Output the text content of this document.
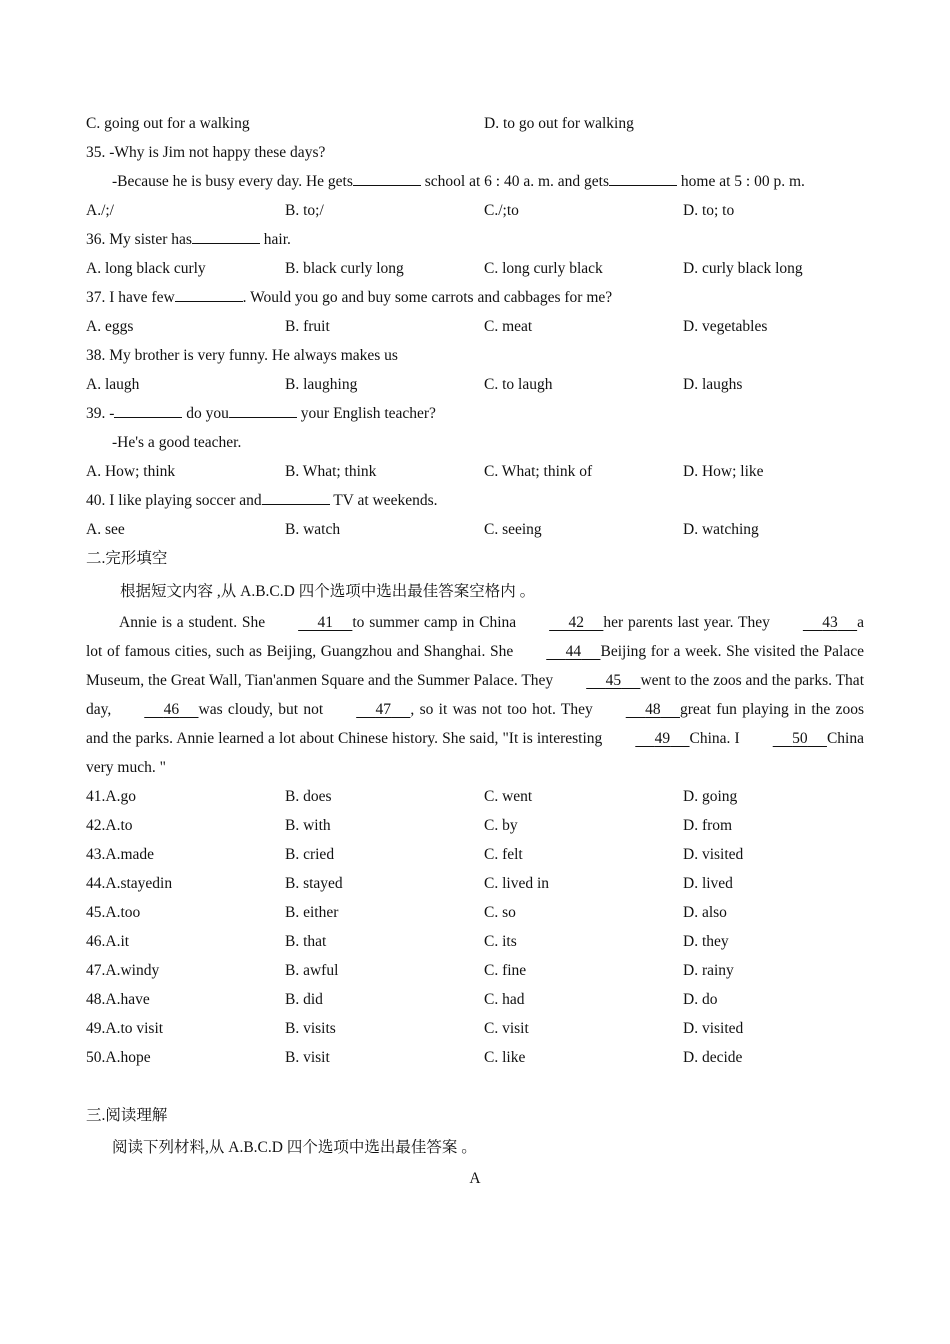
C. going out for a walking	D. to go out for walking
35. -Why is Jim not happy these days?
-Because he is busy every day. He gets	school at 6 : 40 a. m. and gets	home at 5 : 00 p. m.
A./;/	B. to;/	C./;to	D. to; to
36. My sister has	hair.
A. long black curly	B. black curly long	C. long curly black	D. curly black long
37. I have few	. Would you go and buy some carrots and cabbages for me?
A. eggs	B. fruit	C. meat	D. vegetables
38. My brother is very funny. He always makes us
A. laugh	B. laughing	C. to laugh	D. laughs
39. -	do you	your English teacher?
-He's a good teacher.
A. How; think	B. What; think	C. What; think of	D. How; like
40. I like playing soccer and	TV at weekends.
A. see	B. watch	C. seeing	D. watching
二.完形填空
根据短文内容 ,从 A.B.C.D 四个选项中选出最佳答案空格内 。
Annie is a student. She	41 to summer camp in China	42 her parents last year. They	43 a lot of famous cities, such as Beijing, Guangzhou and Shanghai. She	44 Beijing for a week. She visited the Palace Museum, the Great Wall, Tian'anmen Square and the Summer Palace. They	45 went to the zoos and the parks. That day,	46 was cloudy, but not	47 , so it was not too hot. They	48 great fun playing in the zoos and the parks. Annie learned a lot about Chinese history. She said, "It is interesting	49 China. I	50 China very much. "
41.A.go	B. does	C. went	D. going
42.A.to	B. with	C. by	D. from
43.A.made	B. cried	C. felt	D. visited
44.A.stayedin	B. stayed	C. lived in	D. lived
45.A.too	B. either	C. so	D. also
46.A.it	B. that	C. its	D. they
47.A.windy	B. awful	C. fine	D. rainy
48.A.have	B. did	C. had	D. do
49.A.to visit	B. visits	C. visit	D. visited
50.A.hope	B. visit	C. like	D. decide
三.阅读理解
阅读下列材料,从 A.B.C.D 四个选项中选出最佳答案 。
A
